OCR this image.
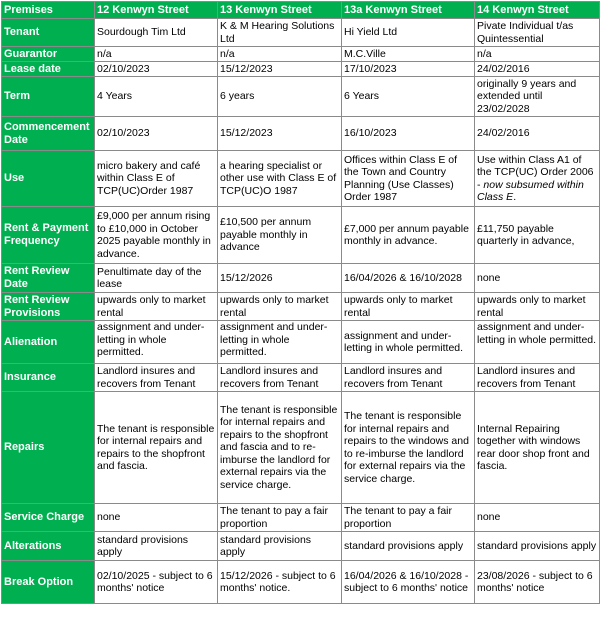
Premises	12 Kenwyn Street	13 Kenwyn Street	13a Kenwyn Street	14 Kenwyn Street
Tenant	Sourdough Tim Ltd	K & M Hearing Solutions Ltd	Hi Yield Ltd	Pivate Individual t/as Quintessential
Guarantor	n/a	n/a	M.C.Ville	n/a
Lease date	02/10/2023	15/12/2023	17/10/2023	24/02/2016
Term	4 Years	6 years	6 Years	originally 9 years and extended until 23/02/2028
Commencement Date	02/10/2023	15/12/2023	16/10/2023	24/02/2016
Use	micro bakery and café within Class E of TCP(UC)Order 1987	a hearing specialist or other use with Class E of TCP(UC)O 1987	Offices within Class E of the Town and Country Planning (Use Classes) Order 1987	Use within Class A1 of the TCP(UC) Order 2006 - now subsumed within Class E.
Rent & Payment Frequency	£9,000 per annum rising to £10,000 in October 2025 payable monthly in advance.	£10,500 per annum payable monthly in advance	£7,000 per annum payable monthly in advance.	£11,750 payable quarterly in advance,
Rent Review Date	Penultimate day of the lease	15/12/2026	16/04/2026 & 16/10/2028	none
Rent Review Provisions	upwards only to market rental	upwards only to market rental	upwards only to market rental	upwards only to market rental
Alienation	assignment and under-letting in whole permitted.	assignment and under-letting in whole permitted.	assignment and under-letting in whole permitted.	assignment and under-letting in whole permitted.
Insurance	Landlord insures and recovers from Tenant	Landlord insures and recovers from Tenant	Landlord insures and recovers from Tenant	Landlord insures and recovers from Tenant
Repairs	The tenant is responsible for internal repairs and repairs to the shopfront and fascia.	The tenant is responsible for internal repairs and repairs to the shopfront and fascia and to re-imburse the landlord for external repairs via the service charge.	The tenant is responsible for internal repairs and repairs to the windows and to re-imburse the landlord for external repairs via the service charge.	Internal Repairing together with windows rear door shop front and fascia.
Service Charge	none	The tenant to pay a fair proportion	The tenant to pay a fair proportion	none
Alterations	standard provisions apply	standard provisions apply	standard provisions apply	standard provisions apply
Break Option	02/10/2025 - subject to 6 months' notice	15/12/2026 - subject to 6 months' notice.	16/04/2026 & 16/10/2028 - subject to 6 months' notice	23/08/2026 - subject to 6 months' notice
